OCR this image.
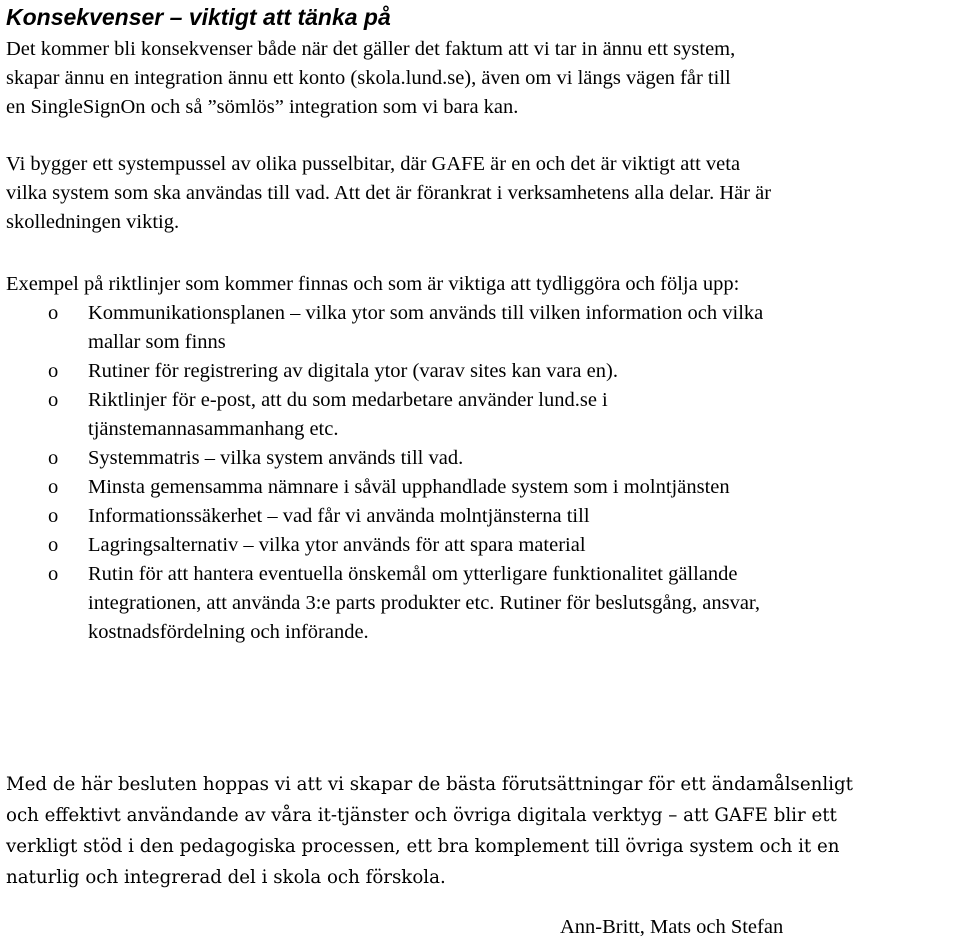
Konsekvenser – viktigt att tänka på

Det kommer bli konsekvenser både när det gäller det faktum att vi tar in ännu ett system,
skapar ännu en integration ännu ett konto (skola.lund.se), även om vi längs vägen får till
en SingleSignOn och så ”sömlös” integration som vi bara kan.

Vi bygger ett systempussel av olika pusselbitar, där GAFE är en och det är viktigt att veta
vilka system som ska användas till vad. Att det är förankrat i verksamhetens alla delar. Här är
skolledningen viktig.

Exempel på riktlinjer som kommer finnas och som är viktiga att tydliggöra och följa upp:

o Kommunikationsplanen – vilka ytor som används till vilken information och vilka
mallar som finns
o Rutiner för registrering av digitala ytor (varav sites kan vara en).
o Riktlinjer för e-post, att du som medarbetare använder lund.se i
tjänstemannasammanhang etc.
o Systemmatris – vilka system används till vad.
o Minsta gemensamma nämnare i såväl upphandlade system som i molntjänsten
o Informationssäkerhet – vad får vi använda molntjänsterna till
o Lagringsalternativ – vilka ytor används för att spara material
o Rutin för att hantera eventuella önskemål om ytterligare funktionalitet gällande
integrationen, att använda 3:e parts produkter etc. Rutiner för beslutsgång, ansvar,
kostnadsfördelning och införande.

Med de här besluten hoppas vi att vi skapar de bästa förutsättningar för ett ändamålsenligt
och effektivt användande av våra it-tjänster och övriga digitala verktyg – att GAFE blir ett
verkligt stöd i den pedagogiska processen, ett bra komplement till övriga system och it en
naturlig och integrerad del i skola och förskola.

Ann-Britt, Mats och Stefan
